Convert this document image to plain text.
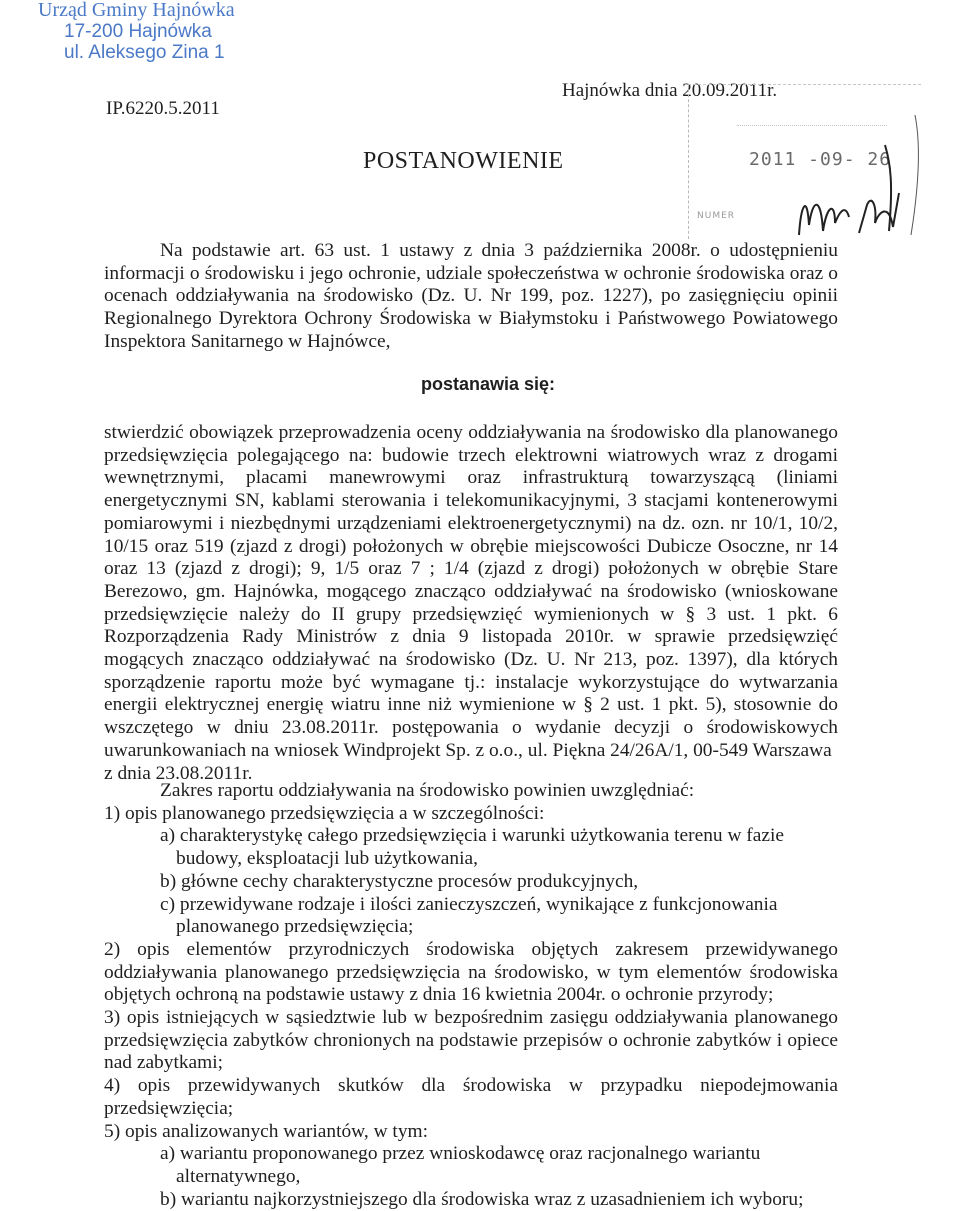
Urząd Gminy Hajnówka
17-200 Hajnówka
ul. Aleksego Zina 1
IP.6220.5.2011
Hajnówka dnia 20.09.2011r.
POSTANOWIENIE	2011 -09- 26
NUMER

Na podstawie art. 63 ust. 1 ustawy z dnia 3 października 2008r. o udostępnieniu informacji o środowisku i jego ochronie, udziale społeczeństwa w ochronie środowiska oraz o ocenach oddziaływania na środowisko (Dz. U. Nr 199, poz. 1227), po zasięgnięciu opinii Regionalnego Dyrektora Ochrony Środowiska w Białymstoku i Państwowego Powiatowego Inspektora Sanitarnego w Hajnówce,

postanawia się:

stwierdzić obowiązek przeprowadzenia oceny oddziaływania na środowisko dla planowanego przedsięwzięcia polegającego na: budowie trzech elektrowni wiatrowych wraz z drogami wewnętrznymi, placami manewrowymi oraz infrastrukturą towarzyszącą (liniami energetycznymi SN, kablami sterowania i telekomunikacyjnymi, 3 stacjami kontenerowymi pomiarowymi i niezbędnymi urządzeniami elektroenergetycznymi) na dz. ozn. nr 10/1, 10/2, 10/15 oraz 519 (zjazd z drogi) położonych w obrębie miejscowości Dubicze Osoczne, nr 14 oraz 13 (zjazd z drogi); 9, 1/5 oraz 7 ; 1/4 (zjazd z drogi) położonych w obrębie Stare Berezowo, gm. Hajnówka, mogącego znacząco oddziaływać na środowisko (wnioskowane przedsięwzięcie należy do II grupy przedsięwzięć wymienionych w § 3 ust. 1 pkt. 6 Rozporządzenia Rady Ministrów z dnia 9 listopada 2010r. w sprawie przedsięwzięć mogących znacząco oddziaływać na środowisko (Dz. U. Nr 213, poz. 1397), dla których sporządzenie raportu może być wymagane tj.: instalacje wykorzystujące do wytwarzania energii elektrycznej energię wiatru inne niż wymienione w § 2 ust. 1 pkt. 5), stosownie do wszczętego w dniu 23.08.2011r. postępowania o wydanie decyzji o środowiskowych uwarunkowaniach na wniosek Windprojekt Sp. z o.o., ul. Piękna 24/26A/1, 00-549 Warszawa

z dnia 23.08.2011r.

Zakres raportu oddziaływania na środowisko powinien uwzględniać:

1) opis planowanego przedsięwzięcia a w szczególności:

a) charakterystykę całego przedsięwzięcia i warunki użytkowania terenu w fazie

budowy, eksploatacji lub użytkowania,

b) główne cechy charakterystyczne procesów produkcyjnych,

c) przewidywane rodzaje i ilości zanieczyszczeń, wynikające z funkcjonowania

planowanego przedsięwzięcia;

2) opis elementów przyrodniczych środowiska objętych zakresem przewidywanego oddziaływania planowanego przedsięwzięcia na środowisko, w tym elementów środowiska objętych ochroną na podstawie ustawy z dnia 16 kwietnia 2004r. o ochronie przyrody;

3) opis istniejących w sąsiedztwie lub w bezpośrednim zasięgu oddziaływania planowanego przedsięwzięcia zabytków chronionych na podstawie przepisów o ochronie zabytków i opiece nad zabytkami;

4) opis przewidywanych skutków dla środowiska w przypadku niepodejmowania przedsięwzięcia;

5) opis analizowanych wariantów, w tym:

a) wariantu proponowanego przez wnioskodawcę oraz racjonalnego wariantu

alternatywnego,

b) wariantu najkorzystniejszego dla środowiska wraz z uzasadnieniem ich wyboru;
